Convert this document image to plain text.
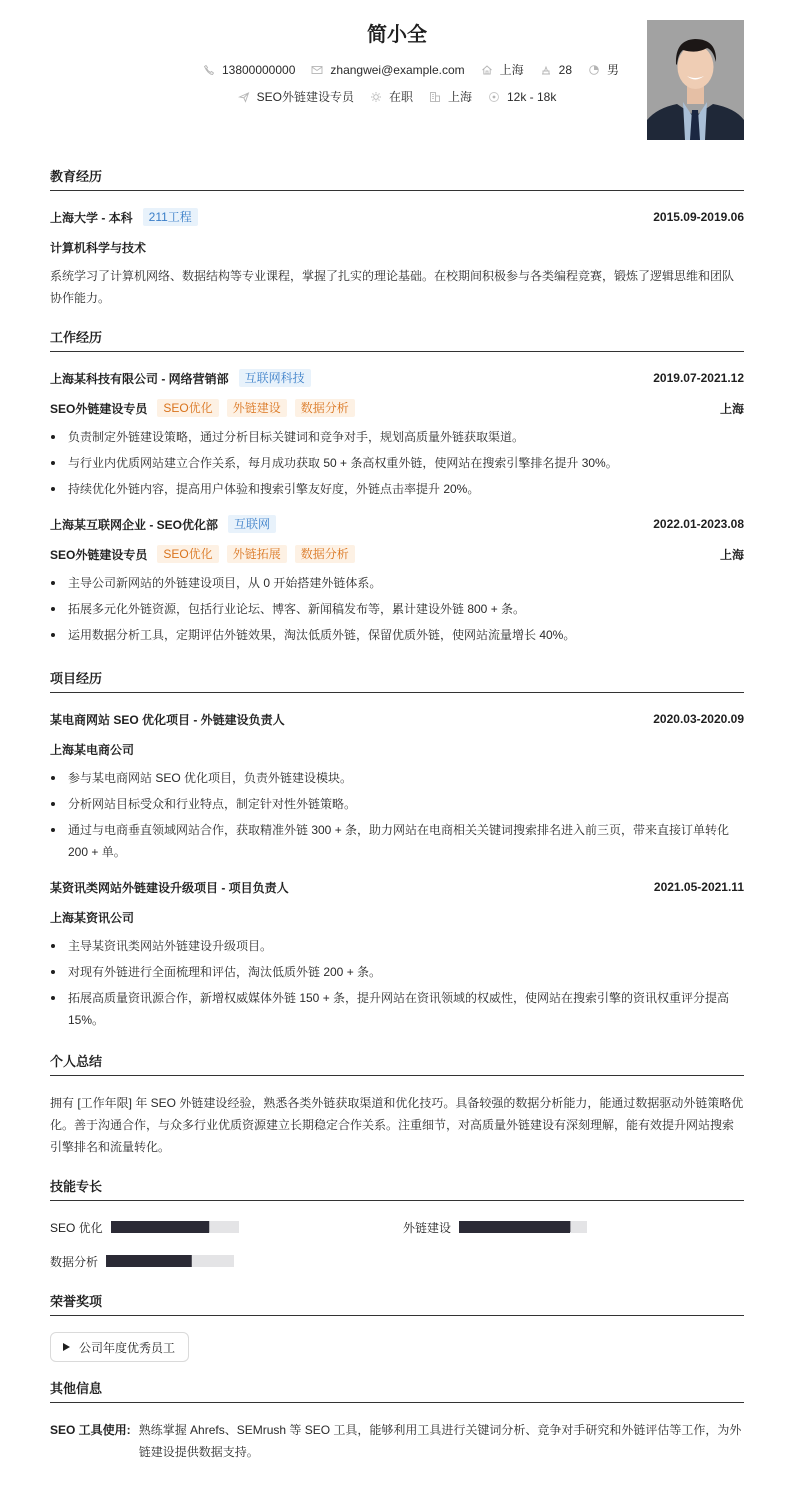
简小全
13800000000	zhangwei@example.com	上海	28	男
SEO外链建设专员	在职	上海	12k - 18k
教育经历
上海大学 - 本科	211工程	2015.09-2019.06
计算机科学与技术
系统学习了计算机网络、数据结构等专业课程，掌握了扎实的理论基础。在校期间积极参与各类编程竞赛，锻炼了逻辑思维和团队协作能力。
工作经历
上海某科技有限公司 - 网络营销部	互联网科技	2019.07-2021.12
SEO外链建设专员	SEO优化	外链建设	数据分析	上海
负责制定外链建设策略，通过分析目标关键词和竞争对手，规划高质量外链获取渠道。
与行业内优质网站建立合作关系，每月成功获取 50 + 条高权重外链，使网站在搜索引擎排名提升 30%。
持续优化外链内容，提高用户体验和搜索引擎友好度，外链点击率提升 20%。
上海某互联网企业 - SEO优化部	互联网	2022.01-2023.08
SEO外链建设专员	SEO优化	外链拓展	数据分析	上海
主导公司新网站的外链建设项目，从 0 开始搭建外链体系。
拓展多元化外链资源，包括行业论坛、博客、新闻稿发布等，累计建设外链 800 + 条。
运用数据分析工具，定期评估外链效果，淘汰低质外链，保留优质外链，使网站流量增长 40%。
项目经历
某电商网站 SEO 优化项目 - 外链建设负责人	2020.03-2020.09
上海某电商公司
参与某电商网站 SEO 优化项目，负责外链建设模块。
分析网站目标受众和行业特点，制定针对性外链策略。
通过与电商垂直领域网站合作，获取精准外链 300 + 条，助力网站在电商相关关键词搜索排名进入前三页，带来直接订单转化 200 + 单。
某资讯类网站外链建设升级项目 - 项目负责人	2021.05-2021.11
上海某资讯公司
主导某资讯类网站外链建设升级项目。
对现有外链进行全面梳理和评估，淘汰低质外链 200 + 条。
拓展高质量资讯源合作，新增权威媒体外链 150 + 条，提升网站在资讯领域的权威性，使网站在搜索引擎的资讯权重评分提高 15%。
个人总结
拥有 [工作年限] 年 SEO 外链建设经验，熟悉各类外链获取渠道和优化技巧。具备较强的数据分析能力，能通过数据驱动外链策略优化。善于沟通合作，与众多行业优质资源建立长期稳定合作关系。注重细节，对高质量外链建设有深刻理解，能有效提升网站搜索引擎排名和流量转化。
技能专长
SEO 优化	外链建设
数据分析
荣誉奖项
公司年度优秀员工
其他信息
SEO 工具使用: 熟练掌握 Ahrefs、SEMrush 等 SEO 工具，能够利用工具进行关键词分析、竞争对手研究和外链评估等工作，为外链建设提供数据支持。
